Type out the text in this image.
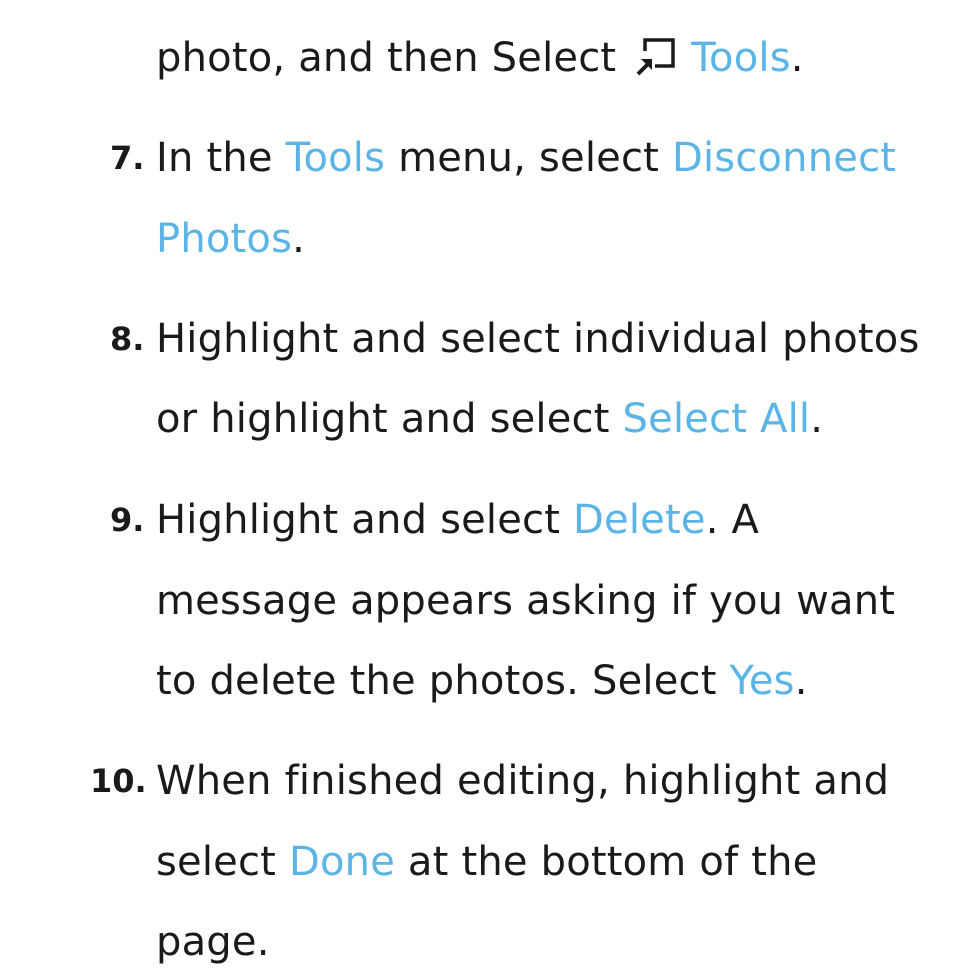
photo, and then Select Tools.
7. In the Tools menu, select Disconnect
Photos.
8. Highlight and select individual photos
or highlight and select Select All.
9. Highlight and select Delete. A
message appears asking if you want
to delete the photos. Select Yes.
10. When finished editing, highlight and
select Done at the bottom of the
page.
